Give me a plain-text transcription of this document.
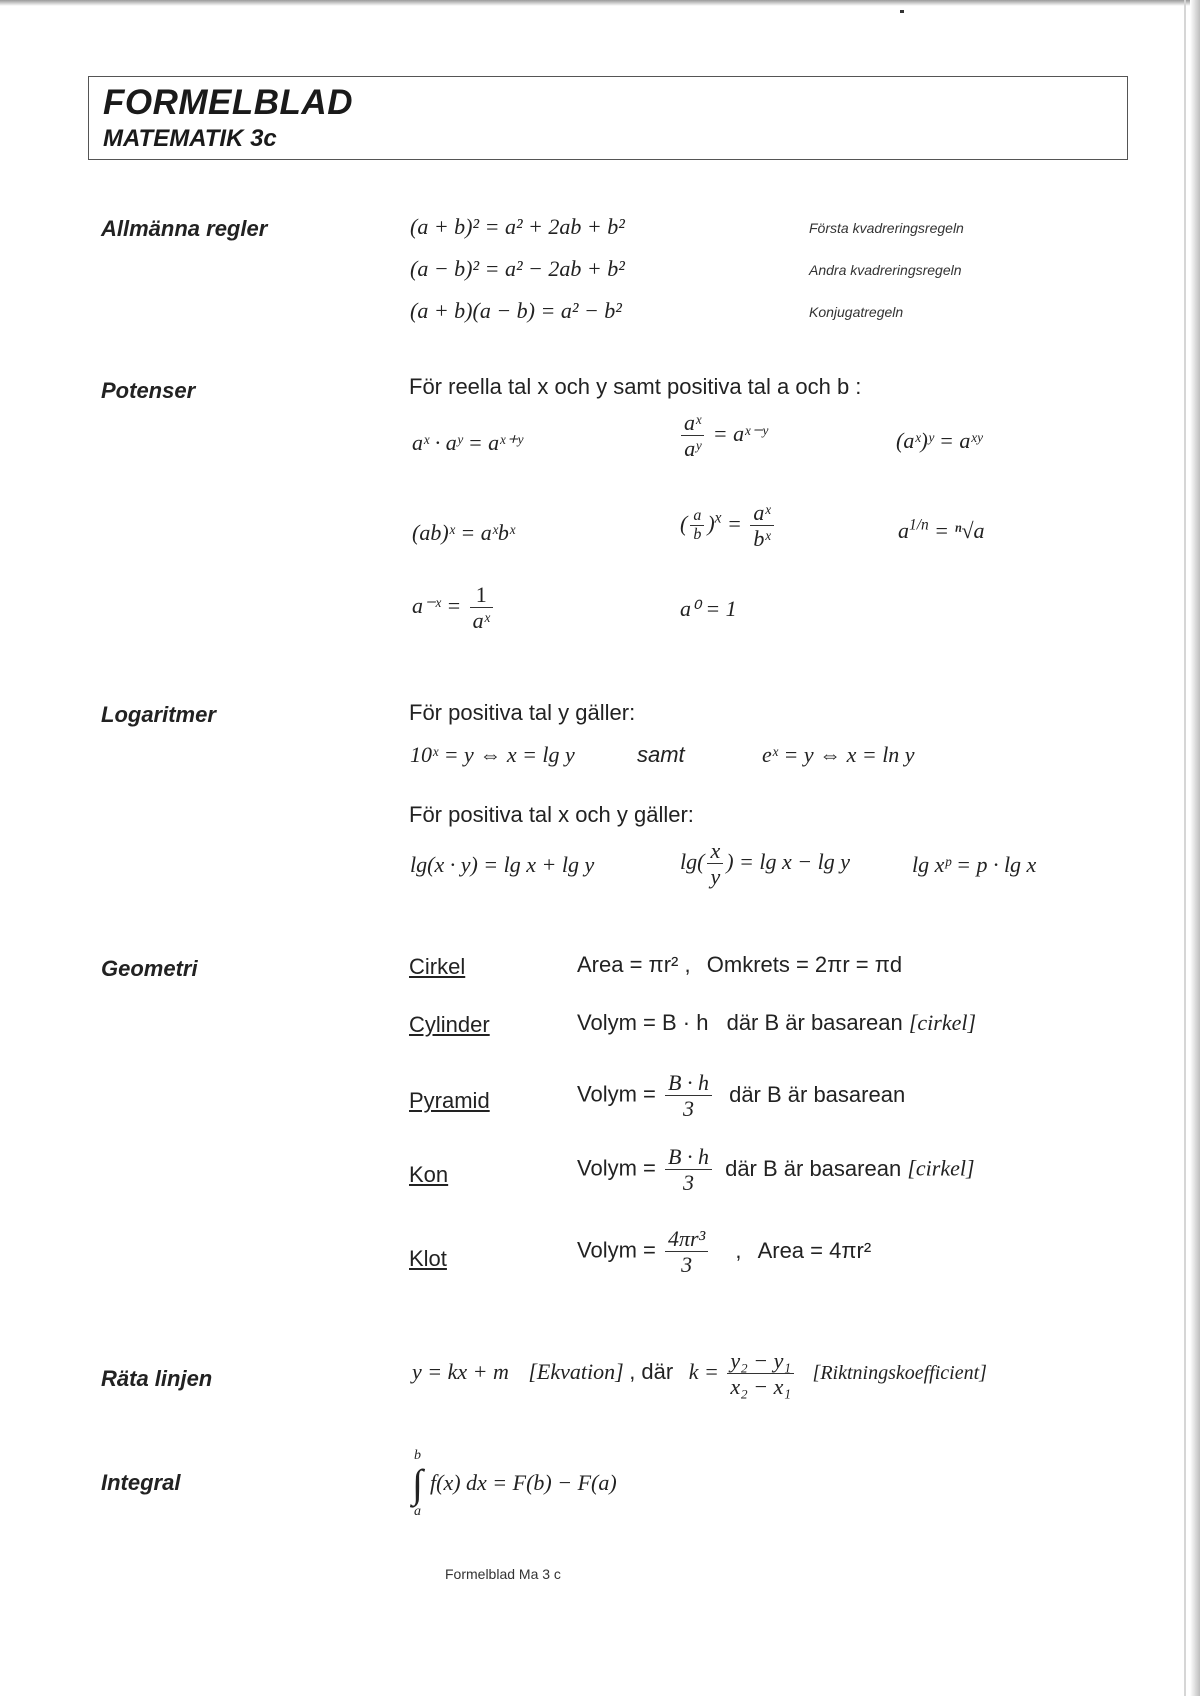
FORMELBLAD
MATEMATIK 3c
Allmänna regler	(a + b)² = a² + 2ab + b²	Första kvadreringsregeln
(a − b)² = a² − 2ab + b²	Andra kvadreringsregeln
(a + b)(a − b) = a² − b²	Konjugatregeln
Potenser	För reella tal x och y samt positiva tal a och b :
aˣ · aʸ = aˣ⁺ʸ	$\frac{\text{aˣ}}{\text{aʸ}}$ = aˣ⁻ʸ	(aˣ)ʸ = aˣʸ
(ab)ˣ = aˣbˣ	( $\frac{a}{b} )^x = \frac{\text{aˣ}}{\text{bˣ}}$	$a^{1/n} = ^n√a$
a⁻ˣ = $\frac{1}{\text{aˣ}}$	a⁰ = 1
Logaritmer	För positiva tal y gäller:
10ˣ = y ⇔ x = lg y	samt	eˣ = y ⇔ x = ln y
För positiva tal x och y gäller:
lg(x · y) = lg x + lg y	$\lg( \frac{x}{y}$ ) = lg x − lg y	lg xᵖ = p · lg x
Geometri	Cirkel	Area = πr² , Omkrets = 2πr = πd
Cylinder	Volym = B · h där B är basarean [cirkel]
Pyramid	Volym = $\frac{B \cdot h}{3}$ där B är basarean
Kon	Volym = $\frac{B \cdot h}{3}$ där B är basarean [cirkel]
Klot	Volym = $\frac{\text{4πr³}}{3}$ , Area = 4πr²
Räta linjen	y = kx + m [Ekvation] , där $k = \frac{\text{y₂ − y₁}}{\text{x₂ − x₁}}$ [Riktningskoefficient]
Integral
b
∫
a
f(x) dx = F(b) − F(a)
Formelblad Ma 3 c
